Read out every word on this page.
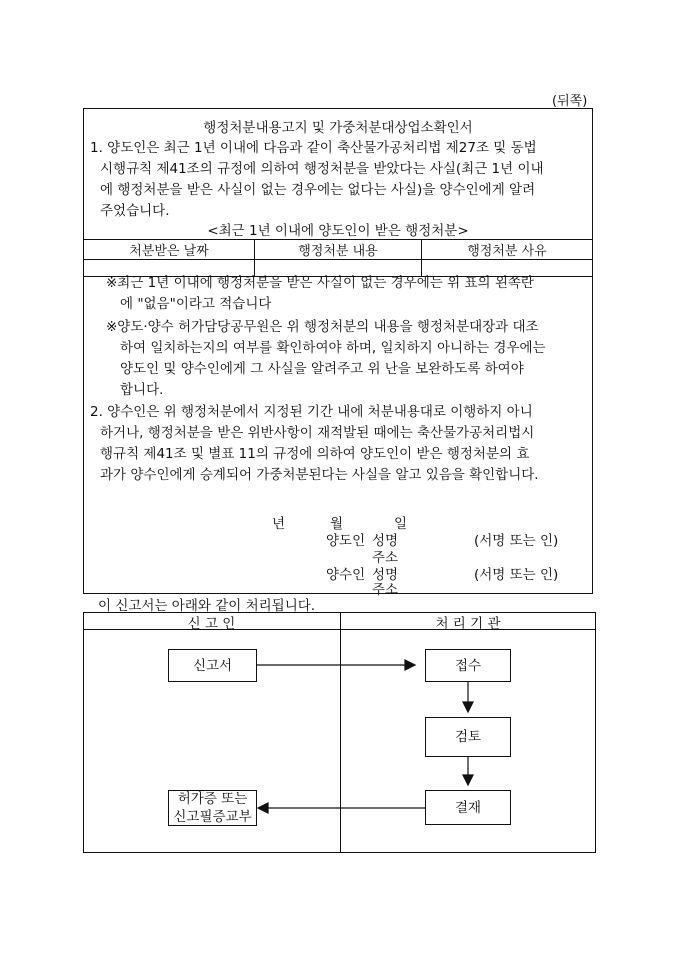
(뒤쪽)
행정처분내용고지 및 가중처분대상업소확인서
1. 양도인은 최근 1년 이내에 다음과 같이 축산물가공처리법 제27조 및 동법
시행규칙 제41조의 규정에 의하여 행정처분을 받았다는 사실(최근 1년 이내
에 행정처분을 받은 사실이 없는 경우에는 없다는 사실)을 양수인에게 알려
주었습니다.
<최근 1년 이내에 양도인이 받은 행정처분>
처분받은 날짜	행정처분 내용	행정처분 사유

※최근 1년 이내에 행정처분을 받은 사실이 없는 경우에는 위 표의 왼쪽란
에 "없음"이라고 적습니다
※양도·양수 허가담당공무원은 위 행정처분의 내용을 행정처분대장과 대조
하여 일치하는지의 여부를 확인하여야 하며, 일치하지 아니하는 경우에는
양도인 및 양수인에게 그 사실을 알려주고 위 난을 보완하도록 하여야
합니다.
2. 양수인은 위 행정처분에서 지정된 기간 내에 처분내용대로 이행하지 아니
하거나, 행정처분을 받은 위반사항이 재적발된 때에는 축산물가공처리법시
행규칙 제41조 및 별표 11의 규정에 의하여 양도인이 받은 행정처분의 효
과가 양수인에게 승계되어 가중처분된다는 사실을 알고 있음을 확인합니다.
년	월	일
양도인 성명	(서명 또는 인)
주소
양수인 성명	(서명 또는 인)
주소
이 신고서는 아래와 같이 처리됩니다.
신 고 인	처 리 기 관
신고서	접수
검토
결재
허가증 또는
신고필증교부
